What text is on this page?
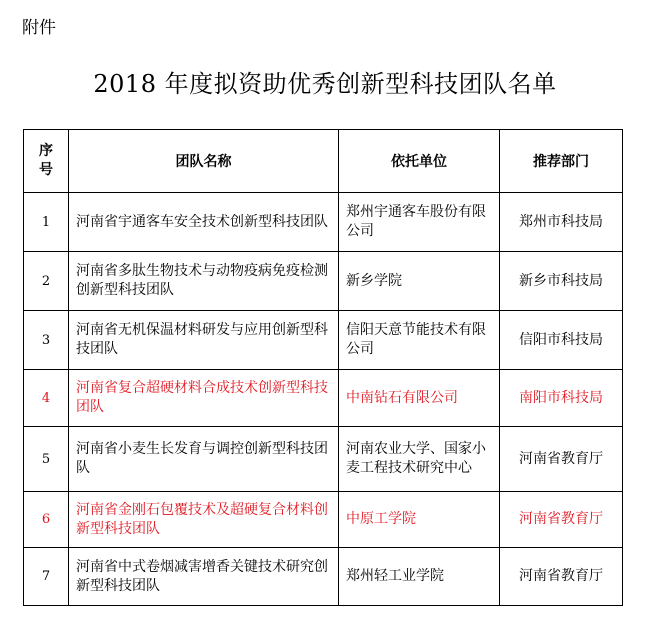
附件
2018 年度拟资助优秀创新型科技团队名单
序号	团队名称	依托单位	推荐部门
1	河南省宇通客车安全技术创新型科技团队	郑州宇通客车股份有限公司	郑州市科技局
2	河南省多肽生物技术与动物疫病免疫检测创新型科技团队	新乡学院	新乡市科技局
3	河南省无机保温材料研发与应用创新型科技团队	信阳天意节能技术有限公司	信阳市科技局
4	河南省复合超硬材料合成技术创新型科技团队	中南钻石有限公司	南阳市科技局
5	河南省小麦生长发育与调控创新型科技团队	河南农业大学、国家小麦工程技术研究中心	河南省教育厅
6	河南省金刚石包覆技术及超硬复合材料创新型科技团队	中原工学院	河南省教育厅
7	河南省中式卷烟减害增香关键技术研究创新型科技团队	郑州轻工业学院	河南省教育厅
